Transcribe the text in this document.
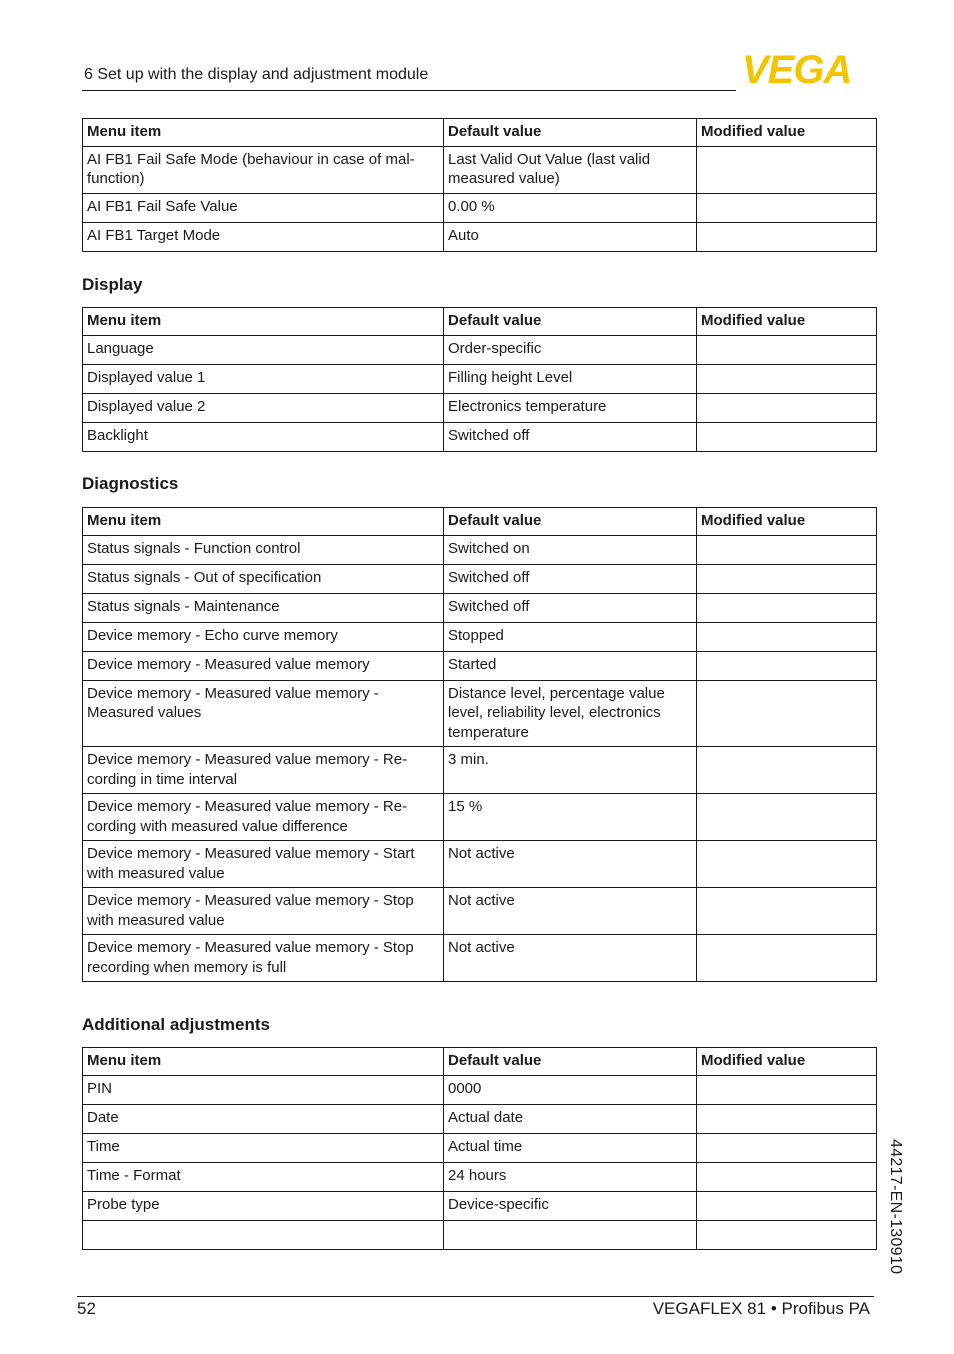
6 Set up with the display and adjustment module	VEGA
Menu item	Default value	Modified value
AI FB1 Fail Safe Mode (behaviour in case of mal-function)	Last Valid Out Value (last valid measured value)	
AI FB1 Fail Safe Value	0.00 %	
AI FB1 Target Mode	Auto	
Display
Menu item	Default value	Modified value
Language	Order-specific	
Displayed value 1	Filling height Level	
Displayed value 2	Electronics temperature	
Backlight	Switched off	
Diagnostics
Menu item	Default value	Modified value
Status signals - Function control	Switched on	
Status signals - Out of specification	Switched off	
Status signals - Maintenance	Switched off	
Device memory - Echo curve memory	Stopped	
Device memory - Measured value memory	Started	
Device memory - Measured value memory - Measured values	Distance level, percentage value level, reliability level, electronics temperature	
Device memory - Measured value memory - Re-cording in time interval	3 min.	
Device memory - Measured value memory - Re-cording with measured value difference	15 %	
Device memory - Measured value memory - Start with measured value	Not active	
Device memory - Measured value memory - Stop with measured value	Not active	
Device memory - Measured value memory - Stop recording when memory is full	Not active	
Additional adjustments
Menu item	Default value	Modified value
PIN	0000	
Date	Actual date	
Time	Actual time	
Time - Format	24 hours	
Probe type	Device-specific	
			44217-EN-130910
52	VEGAFLEX 81 • Profibus PA
